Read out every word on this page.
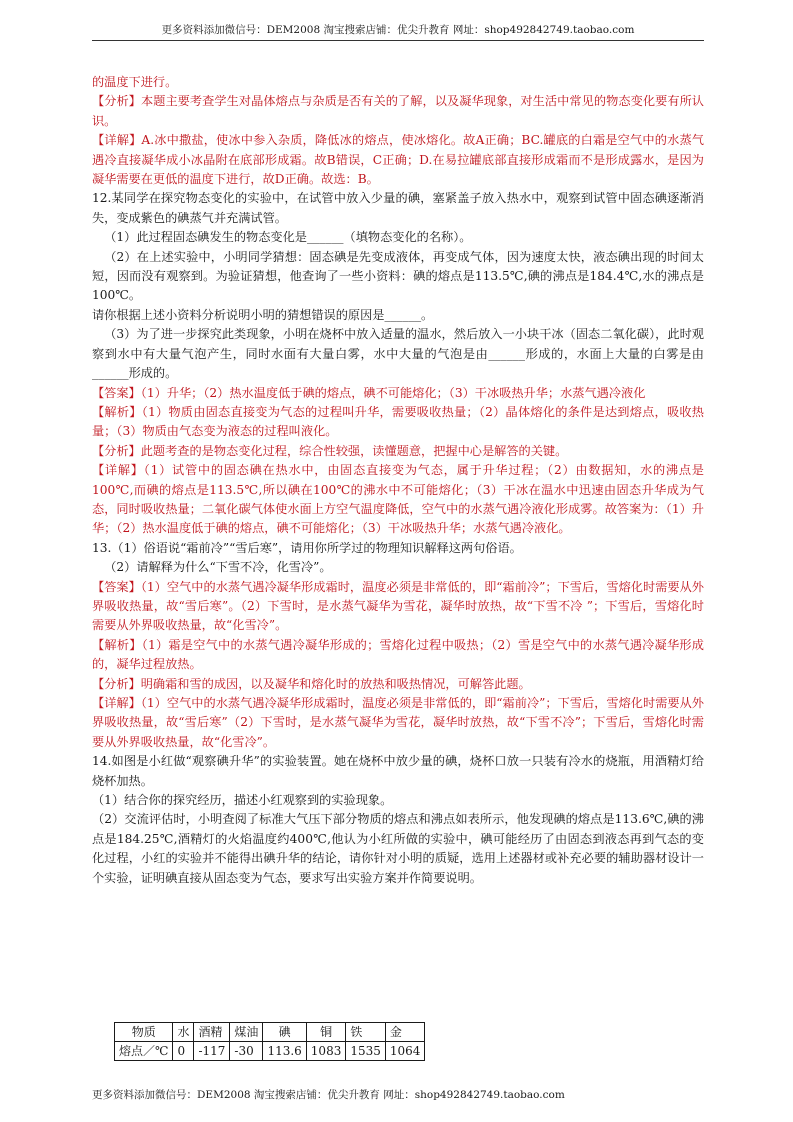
更多资料添加微信号：DEM2008 淘宝搜索店铺：优尖升教育 网址：shop492842749.taobao.com

的温度下进行。

【分析】本题主要考查学生对晶体熔点与杂质是否有关的了解，以及凝华现象，对生活中常见的物态变化要有所认识。

【详解】A.冰中撒盐，使冰中参入杂质，降低冰的熔点，使冰熔化。故A正确；BC.罐底的白霜是空气中的水蒸气遇冷直接凝华成小冰晶附在底部形成霜。故B错误，C正确；D.在易拉罐底部直接形成霜而不是形成露水，是因为凝华需要在更低的温度下进行，故D正确。故选：B。

12.某同学在探究物态变化的实验中，在试管中放入少量的碘，塞紧盖子放入热水中，观察到试管中固态碘逐渐消失，变成紫色的碘蒸气并充满试管。

（1）此过程固态碘发生的物态变化是______（填物态变化的名称）。

（2）在上述实验中，小明同学猜想：固态碘是先变成液体，再变成气体，因为速度太快，液态碘出现的时间太短，因而没有观察到。为验证猜想，他查询了一些小资料：碘的熔点是113.5℃,碘的沸点是184.4℃,水的沸点是100℃。

请你根据上述小资料分析说明小明的猜想错误的原因是______。

（3）为了进一步探究此类现象，小明在烧杯中放入适量的温水，然后放入一小块干冰（固态二氧化碳），此时观察到水中有大量气泡产生，同时水面有大量白雾，水中大量的气泡是由______形成的，水面上大量的白雾是由______形成的。

【答案】（1）升华；（2）热水温度低于碘的熔点，碘不可能熔化；（3）干冰吸热升华；水蒸气遇冷液化

【解析】（1）物质由固态直接变为气态的过程叫升华，需要吸收热量；（2）晶体熔化的条件是达到熔点，吸收热量；（3）物质由气态变为液态的过程叫液化。

【分析】此题考查的是物态变化过程，综合性较强，读懂题意，把握中心是解答的关键。

【详解】（1）试管中的固态碘在热水中，由固态直接变为气态，属于升华过程；（2）由数据知，水的沸点是100℃,而碘的熔点是113.5℃,所以碘在100℃的沸水中不可能熔化；（3）干冰在温水中迅速由固态升华成为气态，同时吸收热量；二氧化碳气体使水面上方空气温度降低，空气中的水蒸气遇冷液化形成雾。故答案为：（1）升华；（2）热水温度低于碘的熔点，碘不可能熔化；（3）干冰吸热升华；水蒸气遇冷液化。

13.（1）俗语说“霜前冷”“雪后寒”，请用你所学过的物理知识解释这两句俗语。

（2）请解释为什么“下雪不冷，化雪冷”。

【答案】（1）空气中的水蒸气遇冷凝华形成霜时，温度必须是非常低的，即“霜前冷”；下雪后，雪熔化时需要从外界吸收热量，故“雪后寒”。（2）下雪时，是水蒸气凝华为雪花，凝华时放热，故“下雪不冷 ”；下雪后，雪熔化时需要从外界吸收热量，故“化雪冷”。

【解析】（1）霜是空气中的水蒸气遇冷凝华形成的；雪熔化过程中吸热；（2）雪是空气中的水蒸气遇冷凝华形成的，凝华过程放热。

【分析】明确霜和雪的成因，以及凝华和熔化时的放热和吸热情况，可解答此题。

【详解】（1）空气中的水蒸气遇冷凝华形成霜时，温度必须是非常低的，即“霜前冷”；下雪后，雪熔化时需要从外界吸收热量，故“雪后寒”（2）下雪时，是水蒸气凝华为雪花，凝华时放热，故“下雪不冷”；下雪后，雪熔化时需要从外界吸收热量，故“化雪冷”。

14.如图是小红做“观察碘升华”的实验装置。她在烧杯中放少量的碘，烧杯口放一只装有冷水的烧瓶，用酒精灯给烧杯加热。

（1）结合你的探究经历，描述小红观察到的实验现象。

（2）交流评估时，小明查阅了标准大气压下部分物质的熔点和沸点如表所示，他发现碘的熔点是113.6℃,碘的沸点是184.25℃,酒精灯的火焰温度约400℃,他认为小红所做的实验中，碘可能经历了由固态到液态再到气态的变化过程，小红的实验并不能得出碘升华的结论，请你针对小明的质疑，选用上述器材或补充必要的辅助器材设计一个实验，证明碘直接从固态变为气态，要求写出实验方案并作简要说明。

物质	水	酒精	煤油	碘	铜	铁	金
熔点／℃	0	-117	-30	113.6	1083	1535	1064
更多资料添加微信号：DEM2008 淘宝搜索店铺：优尖升教育 网址：shop492842749.taobao.com
